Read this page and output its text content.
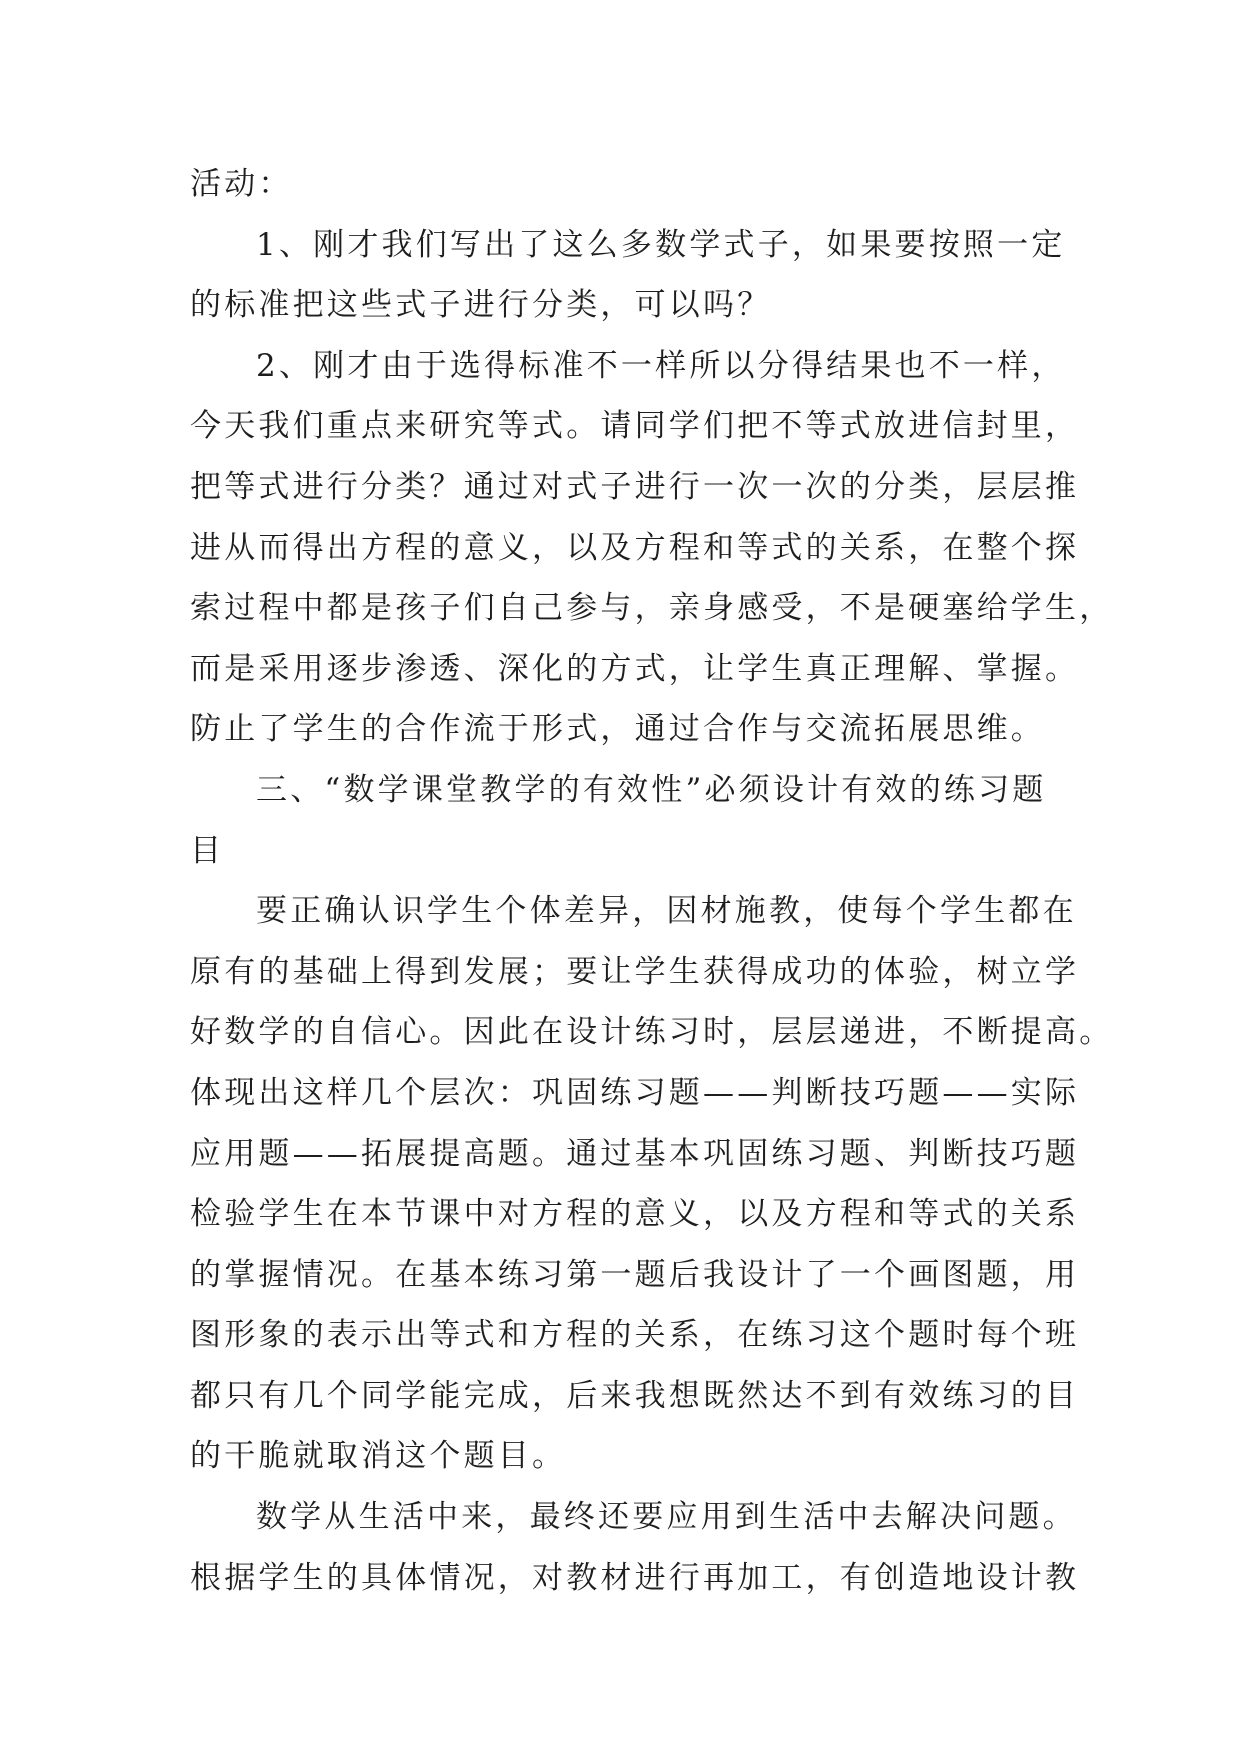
活动：
1、刚才我们写出了这么多数学式子，如果要按照一定
的标准把这些式子进行分类，可以吗？
2、刚才由于选得标准不一样所以分得结果也不一样，
今天我们重点来研究等式。请同学们把不等式放进信封里，
把等式进行分类？通过对式子进行一次一次的分类，层层推
进从而得出方程的意义，以及方程和等式的关系，在整个探
索过程中都是孩子们自己参与，亲身感受，不是硬塞给学生，
而是采用逐步渗透、深化的方式，让学生真正理解、掌握。
防止了学生的合作流于形式，通过合作与交流拓展思维。
三、“数学课堂教学的有效性”必须设计有效的练习题
目
要正确认识学生个体差异，因材施教，使每个学生都在
原有的基础上得到发展；要让学生获得成功的体验，树立学
好数学的自信心。因此在设计练习时，层层递进，不断提高。
体现出这样几个层次：巩固练习题——判断技巧题——实际
应用题——拓展提高题。通过基本巩固练习题、判断技巧题
检验学生在本节课中对方程的意义，以及方程和等式的关系
的掌握情况。在基本练习第一题后我设计了一个画图题，用
图形象的表示出等式和方程的关系，在练习这个题时每个班
都只有几个同学能完成，后来我想既然达不到有效练习的目
的干脆就取消这个题目。
数学从生活中来，最终还要应用到生活中去解决问题。
根据学生的具体情况，对教材进行再加工，有创造地设计教
